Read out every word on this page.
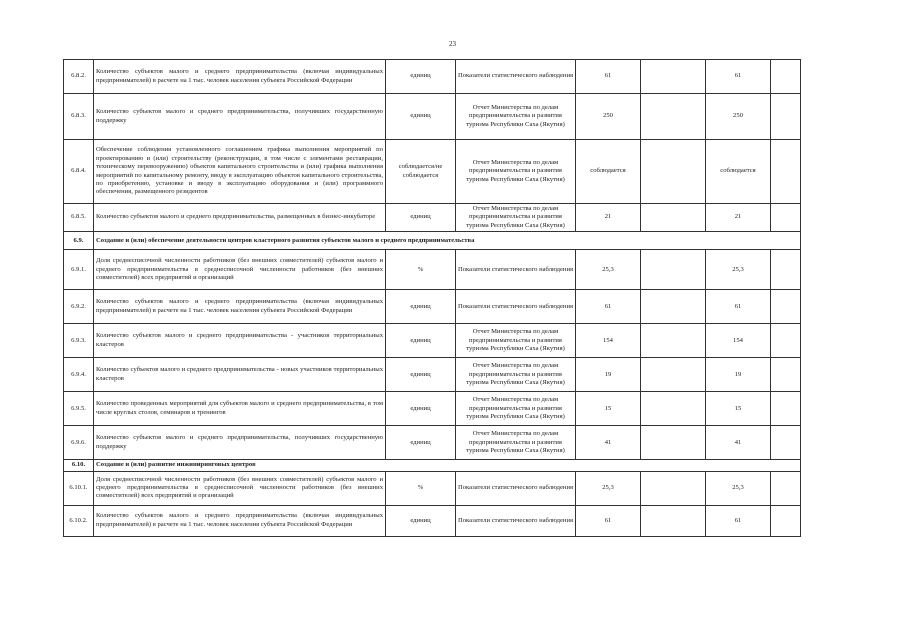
23
6.8.2.	Количество субъектов малого и среднего предпринимательства (включая индивидуальных предпринимателей) в расчете на 1 тыс. человек населения субъекта Российской Федерации	единиц	Показатели статистического наблюдения	61		61	
6.8.3.	Количество субъектов малого и среднего предпринимательства, получивших государственную поддержку	единиц	Отчет Министерства по делам предпринимательства и развития туризма Республики Саха (Якутия)	250		250	
6.8.4.	Обеспечение соблюдения установленного соглашением графика выполнения мероприятий по проектированию и (или) строительству (реконструкции, в том числе с элементами реставрации, техническому перевооружению) объектов капитального строительства и (или) графика выполнения мероприятий по капитальному ремонту, вводу в эксплуатацию объектов капитального строительства, по приобретению, установке и вводу в эксплуатацию оборудования и (или) программного обеспечения, размещенного резидентов	соблюдается/не соблюдается	Отчет Министерства по делам предпринимательства и развития туризма Республики Саха (Якутия)	соблюдается		соблюдается	
6.8.5.	Количество субъектов малого и среднего предпринимательства, размещенных в бизнес-инкубаторе	единиц	Отчет Министерства по делам предпринимательства и развития туризма Республики Саха (Якутия)	21		21	
6.9.	Создание и (или) обеспечение деятельности центров кластерного развития субъектов малого и среднего предпринимательства						
6.9.1.	Доля среднесписочной численности работников (без внешних совместителей) субъектов малого и среднего предпринимательства в среднесписочной численности работников (без внешних совместителей) всех предприятий и организаций	%	Показатели статистического наблюдения	25,3		25,3	
6.9.2.	Количество субъектов малого и среднего предпринимательства (включая индивидуальных предпринимателей) в расчете на 1 тыс. человек населения субъекта Российской Федерации	единиц	Показатели статистического наблюдения	61		61	
6.9.3.	Количество субъектов малого и среднего предпринимательства - участников территориальных кластеров	единиц	Отчет Министерства по делам предпринимательства и развития туризма Республики Саха (Якутия)	154		154	
6.9.4.	Количество субъектов малого и среднего предпринимательства - новых участников территориальных кластеров	единиц	Отчет Министерства по делам предпринимательства и развития туризма Республики Саха (Якутия)	19		19	
6.9.5.	Количество проведенных мероприятий для субъектов малого и среднего предпринимательства, в том числе круглых столов, семинаров и тренингов	единиц	Отчет Министерства по делам предпринимательства и развития туризма Республики Саха (Якутия)	15		15	
6.9.6.	Количество субъектов малого и среднего предпринимательства, получивших государственную поддержку	единиц	Отчет Министерства по делам предпринимательства и развития туризма Республики Саха (Якутия)	41		41	
6.10.	Создание и (или) развитие инжиниринговых центров						
6.10.1.	Доля среднесписочной численности работников (без внешних совместителей) субъектов малого и среднего предпринимательства в среднесписочной численности работников (без внешних совместителей) всех предприятий и организаций	%	Показатели статистического наблюдения	25,3		25,3	
6.10.2.	Количество субъектов малого и среднего предпринимательства (включая индивидуальных предпринимателей) в расчете на 1 тыс. человек населения субъекта Российской Федерации	единиц	Показатели статистического наблюдения	61		61	
